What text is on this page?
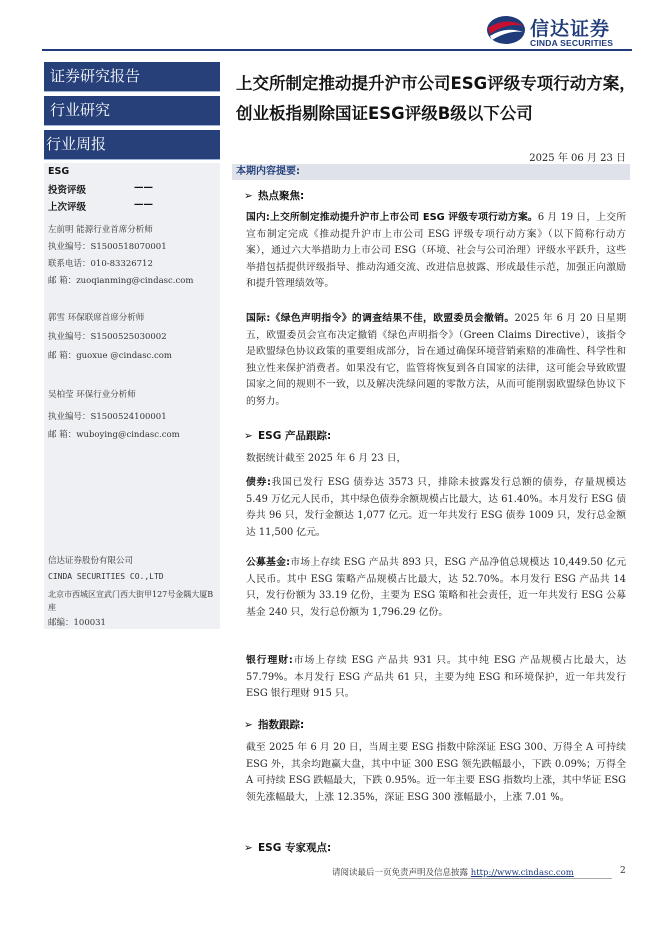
信达证券
CINDA SECURITIES
证券研究报告
行业研究
行业周报
ESG
投资评级	——
上次评级	——
左前明 能源行业首席分析师
执业编号：S1500518070001
联系电话：010-83326712
邮 箱：zuoqianming@cindasc.com
郭雪 环保联席首席分析师
执业编号：S1500525030002
邮 箱：guoxue @cindasc.com
吴柏莹 环保行业分析师
执业编号：S1500524100001
邮 箱：wuboying@cindasc.com
信达证券股份有限公司
CINDA SECURITIES CO.,LTD
北京市西城区宣武门西大街甲127号金隅大厦B座
邮编：100031
上交所制定推动提升沪市公司ESG评级专项行动方案，创业板指剔除国证ESG评级B级以下公司
2025 年 06 月 23 日
本期内容提要:
➢ 热点聚焦:
国内:上交所制定推动提升沪市上市公司 ESG 评级专项行动方案。6 月 19 日，上交所宣布制定完成《推动提升沪市上市公司 ESG 评级专项行动方案》（以下简称行动方案），通过六大举措助力上市公司 ESG（环境、社会与公司治理）评级水平跃升，这些举措包括提供评级指导、推动沟通交流、改进信息披露、形成最佳示范，加强正向激励和提升管理绩效等。
国际:《绿色声明指令》的调查结果不佳，欧盟委员会撤销。2025 年 6 月 20 日星期五，欧盟委员会宣布决定撤销《绿色声明指令》（Green Claims Directive），该指令是欧盟绿色协议政策的重要组成部分，旨在通过确保环境营销索赔的准确性、科学性和独立性来保护消费者。如果没有它，监管将恢复到各自国家的法律，这可能会导致欧盟国家之间的规则不一致，以及解决洗绿问题的零散方法，从而可能削弱欧盟绿色协议下的努力。
➢ ESG 产品跟踪:
数据统计截至 2025 年 6 月 23 日，
债券:我国已发行 ESG 债券达 3573 只，排除未披露发行总额的债券，存量规模达 5.49 万亿元人民币，其中绿色债券余额规模占比最大，达 61.40%。本月发行 ESG 债券共 96 只，发行金额达 1,077 亿元。近一年共发行 ESG 债券 1009 只，发行总金额达 11,500 亿元。
公募基金:市场上存续 ESG 产品共 893 只，ESG 产品净值总规模达 10,449.50 亿元人民币。其中 ESG 策略产品规模占比最大，达 52.70%。本月发行 ESG 产品共 14 只，发行份额为 33.19 亿份，主要为 ESG 策略和社会责任，近一年共发行 ESG 公募基金 240 只，发行总份额为 1,796.29 亿份。
银行理财:市场上存续 ESG 产品共 931 只。其中纯 ESG 产品规模占比最大，达 57.79%。本月发行 ESG 产品共 61 只，主要为纯 ESG 和环境保护，近一年共发行 ESG 银行理财 915 只。
➢ 指数跟踪:
截至 2025 年 6 月 20 日，当周主要 ESG 指数中除深证 ESG 300、万得全 A 可持续 ESG 外，其余均跑赢大盘，其中中证 300 ESG 领先跌幅最小，下跌 0.09%；万得全 A 可持续 ESG 跌幅最大，下跌 0.95%。近一年主要 ESG 指数均上涨，其中华证 ESG 领先涨幅最大，上涨 12.35%，深证 ESG 300 涨幅最小，上涨 7.01 %。
➢ ESG 专家观点:
请阅读最后一页免责声明及信息披露 http://www.cindasc.com	2
